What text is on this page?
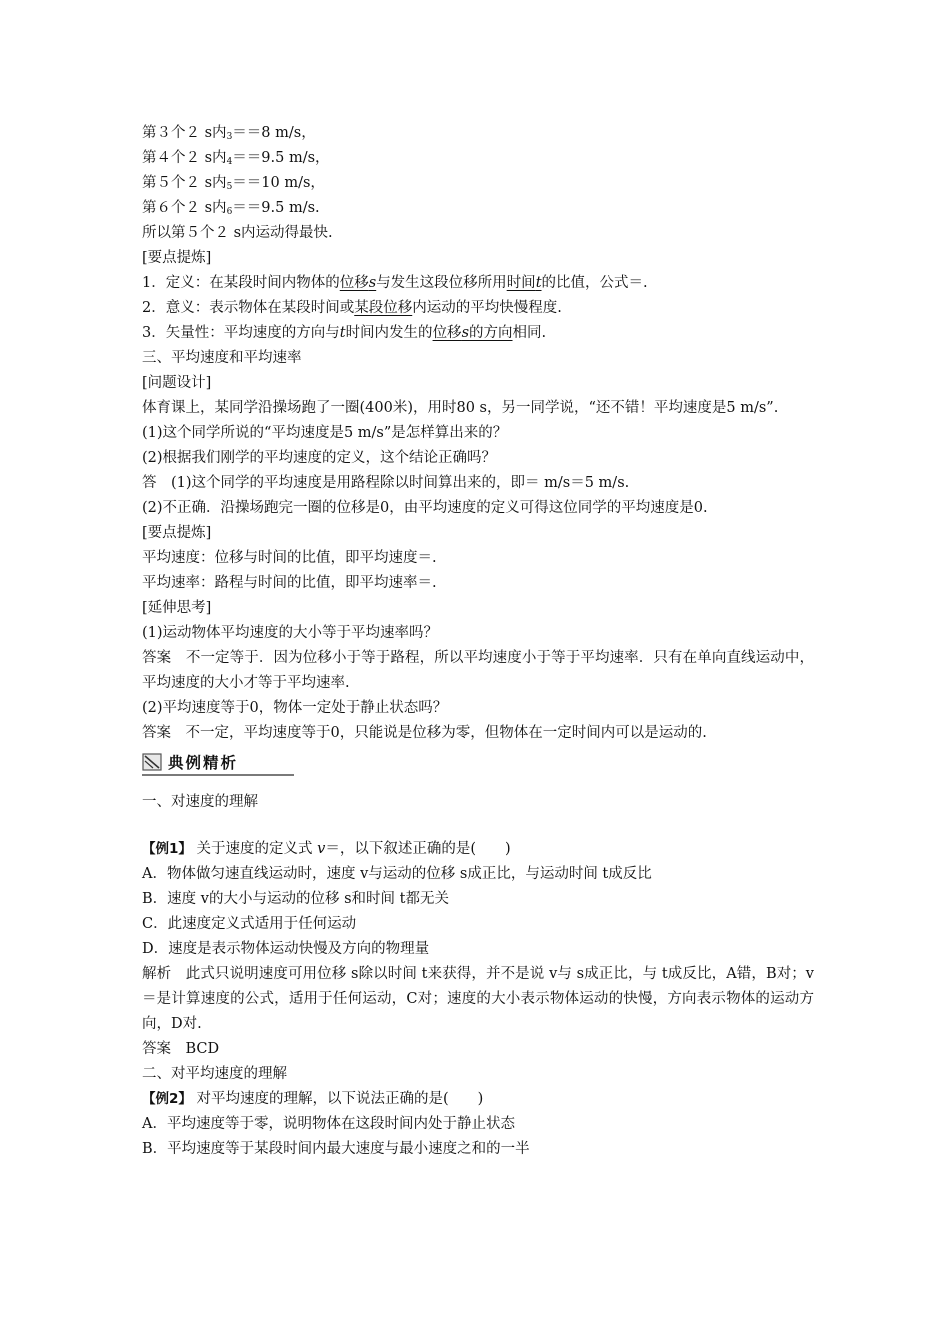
第３个２ s内$_3$＝＝8 m/s，
第４个２ s内$_4$＝＝9.5 m/s，
第５个２ s内$_5$＝＝10 m/s，
第６个２ s内$_6$＝＝9.5 m/s.
所以第５个２ s内运动得最快.
[要点提炼]
1．定义：在某段时间内物体的位移s与发生这段位移所用时间t的比值，公式＝.
2．意义：表示物体在某段时间或某段位移内运动的平均快慢程度.
3．矢量性：平均速度的方向与t时间内发生的位移s的方向相同.
三、平均速度和平均速率
[问题设计]
体育课上，某同学沿操场跑了一圈(400米)，用时80 s，另一同学说，“还不错！平均速度是5 m/s”.
(1)这个同学所说的“平均速度是5 m/s”是怎样算出来的？
(2)根据我们刚学的平均速度的定义，这个结论正确吗？
答　(1)这个同学的平均速度是用路程除以时间算出来的，即＝ m/s＝5 m/s.
(2)不正确．沿操场跑完一圈的位移是0，由平均速度的定义可得这位同学的平均速度是0.
[要点提炼]
平均速度：位移与时间的比值，即平均速度＝.
平均速率：路程与时间的比值，即平均速率＝.
[延伸思考]
(1)运动物体平均速度的大小等于平均速率吗？
答案　不一定等于．因为位移小于等于路程，所以平均速度小于等于平均速率．只有在单向直线运动中，平均速度的大小才等于平均速率.
(2)平均速度等于0，物体一定处于静止状态吗？
答案　不一定，平均速度等于0，只能说是位移为零，但物体在一定时间内可以是运动的.
典例精析
一、对速度的理解
【例1】 关于速度的定义式 v＝，以下叙述正确的是(　　)
A．物体做匀速直线运动时，速度 v与运动的位移 s成正比，与运动时间 t成反比
B．速度 v的大小与运动的位移 s和时间 t都无关
C．此速度定义式适用于任何运动
D．速度是表示物体运动快慢及方向的物理量
解析　此式只说明速度可用位移 s除以时间 t来获得，并不是说 v与 s成正比，与 t成反比，A错，B对；v＝是计算速度的公式，适用于任何运动，C对；速度的大小表示物体运动的快慢，方向表示物体的运动方向，D对.
答案　BCD
二、对平均速度的理解
【例2】 对平均速度的理解，以下说法正确的是(　　)
A．平均速度等于零，说明物体在这段时间内处于静止状态
B．平均速度等于某段时间内最大速度与最小速度之和的一半
